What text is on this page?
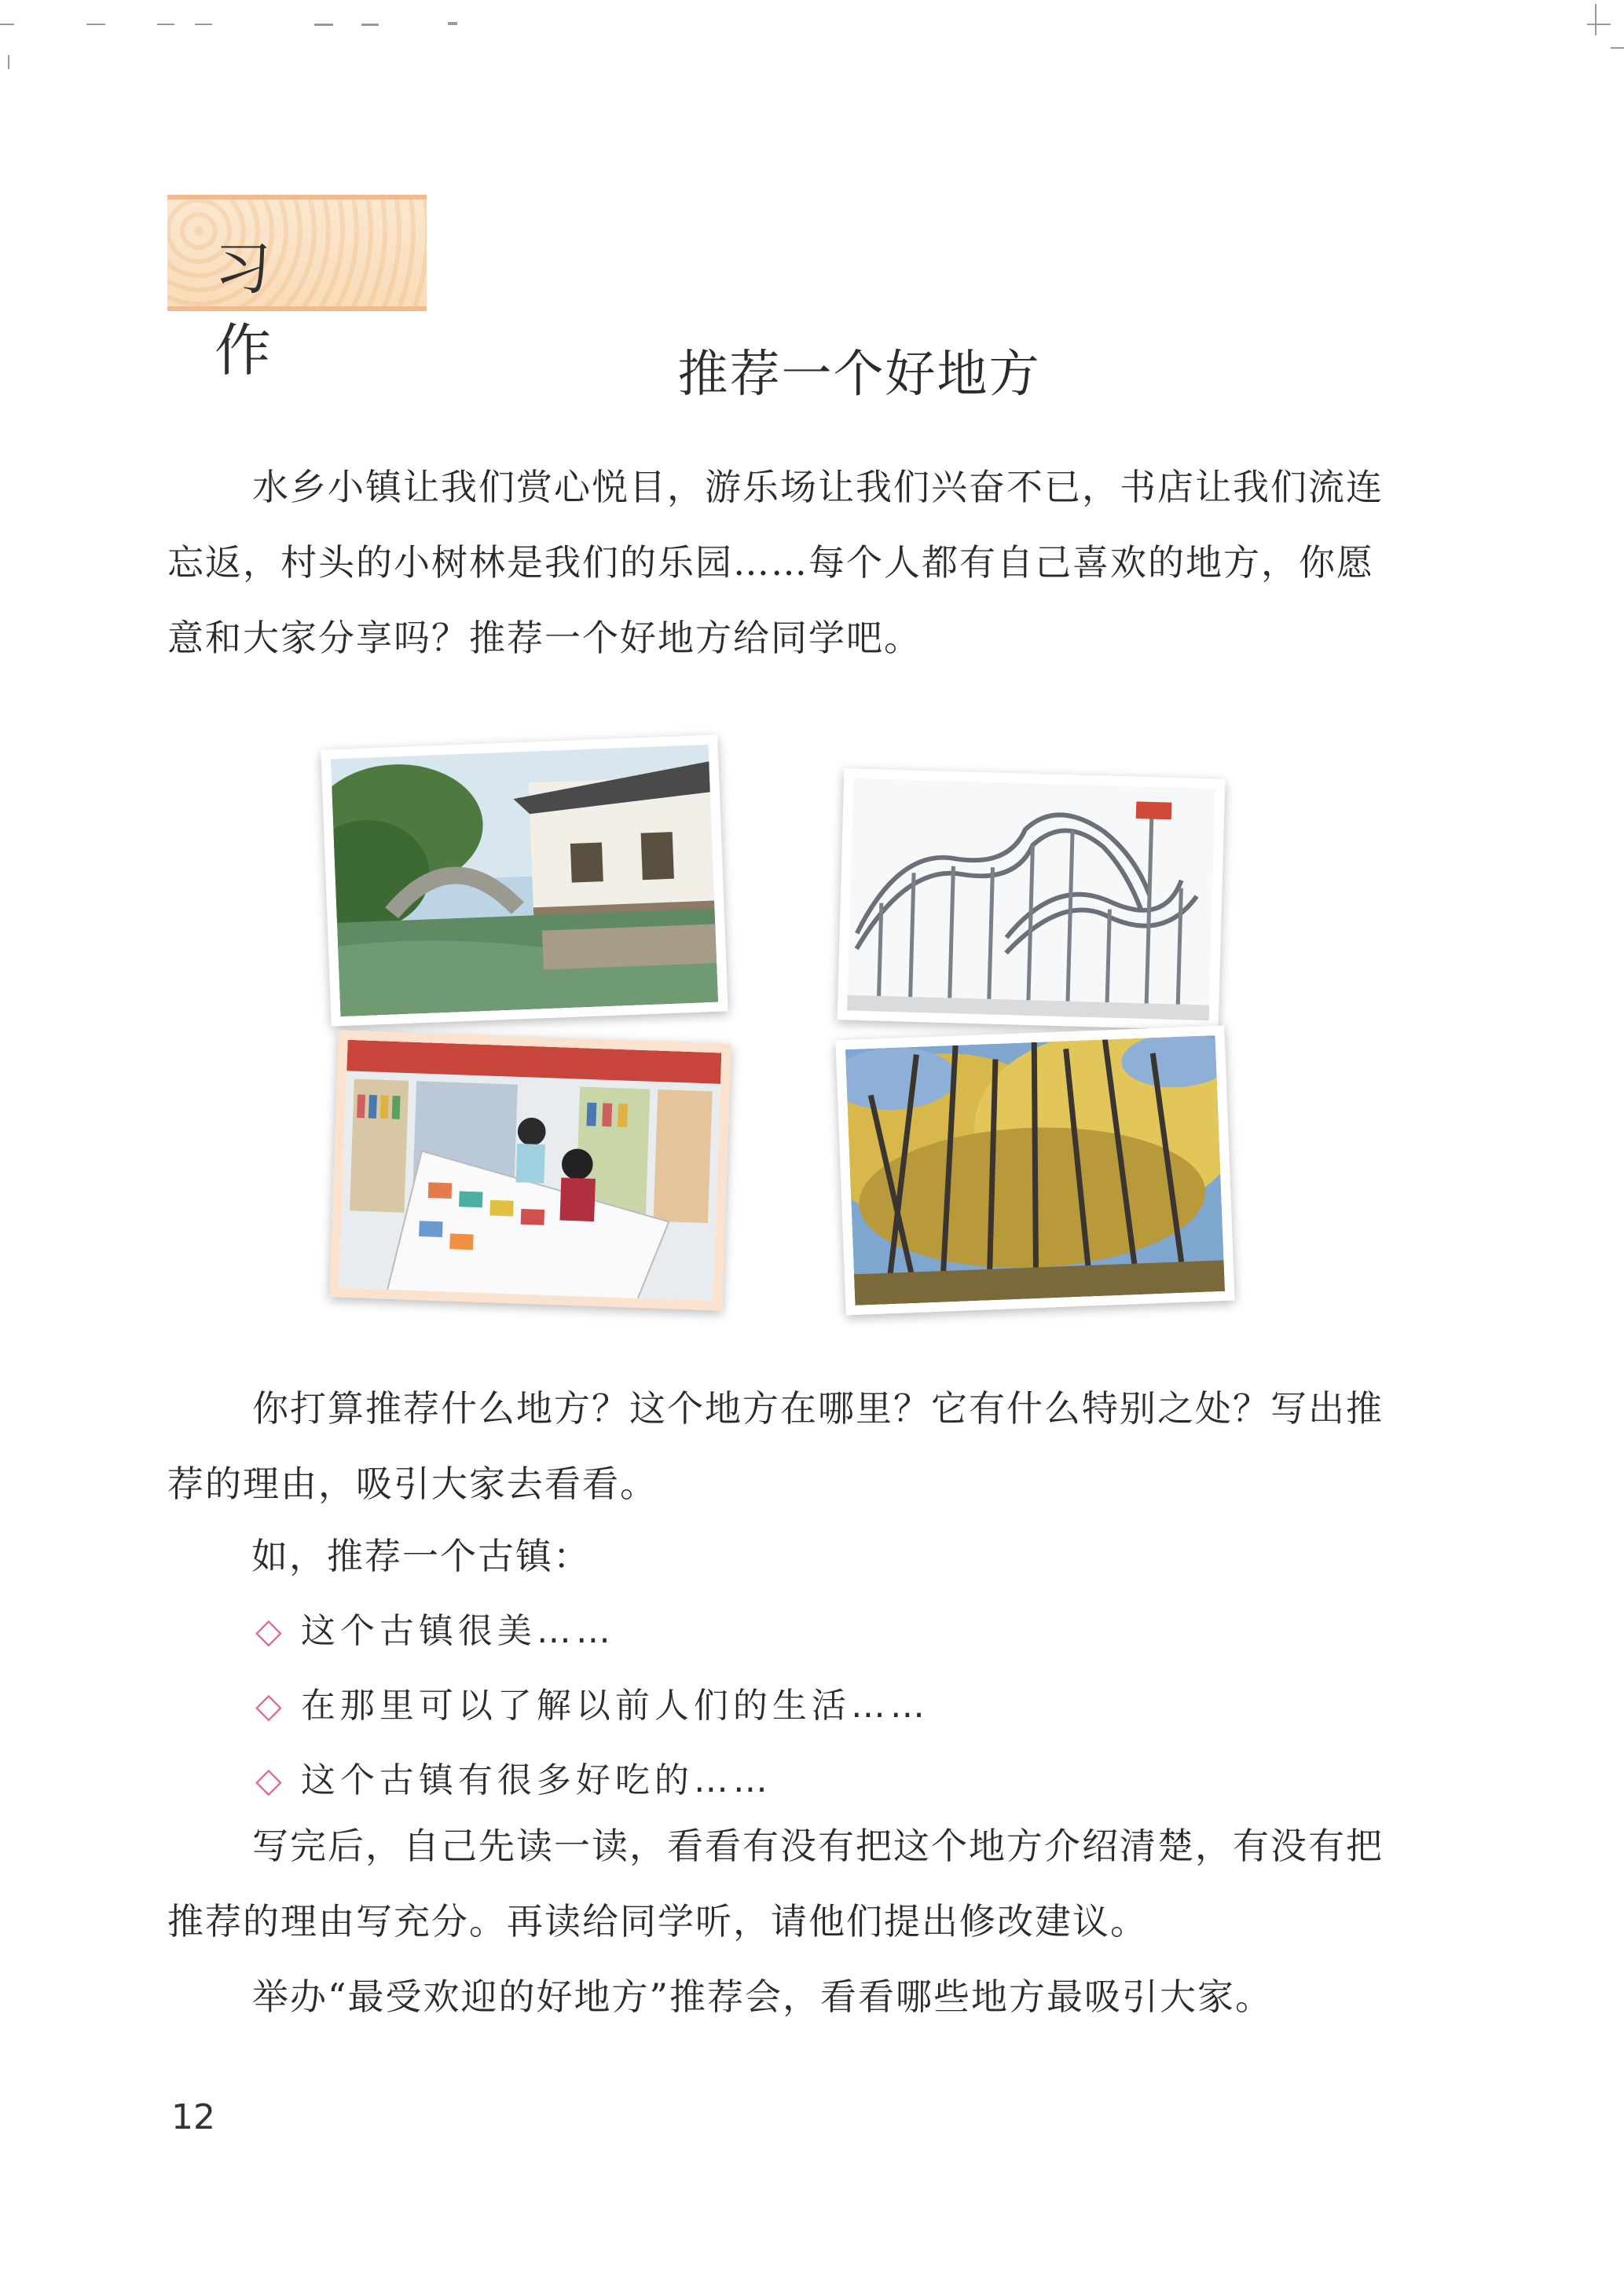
习 作	推荐一个好地方
水乡小镇让我们赏心悦目，游乐场让我们兴奋不已，书店让我们流连忘返，村头的小树林是我们的乐园……每个人都有自己喜欢的地方，你愿意和大家分享吗？推荐一个好地方给同学吧。
你打算推荐什么地方？这个地方在哪里？它有什么特别之处？写出推荐的理由，吸引大家去看看。
如，推荐一个古镇：
◇ 这个古镇很美……
◇ 在那里可以了解以前人们的生活……
◇ 这个古镇有很多好吃的……
写完后，自己先读一读，看看有没有把这个地方介绍清楚，有没有把推荐的理由写充分。再读给同学听，请他们提出修改建议。
举办“最受欢迎的好地方”推荐会，看看哪些地方最吸引大家。
12
